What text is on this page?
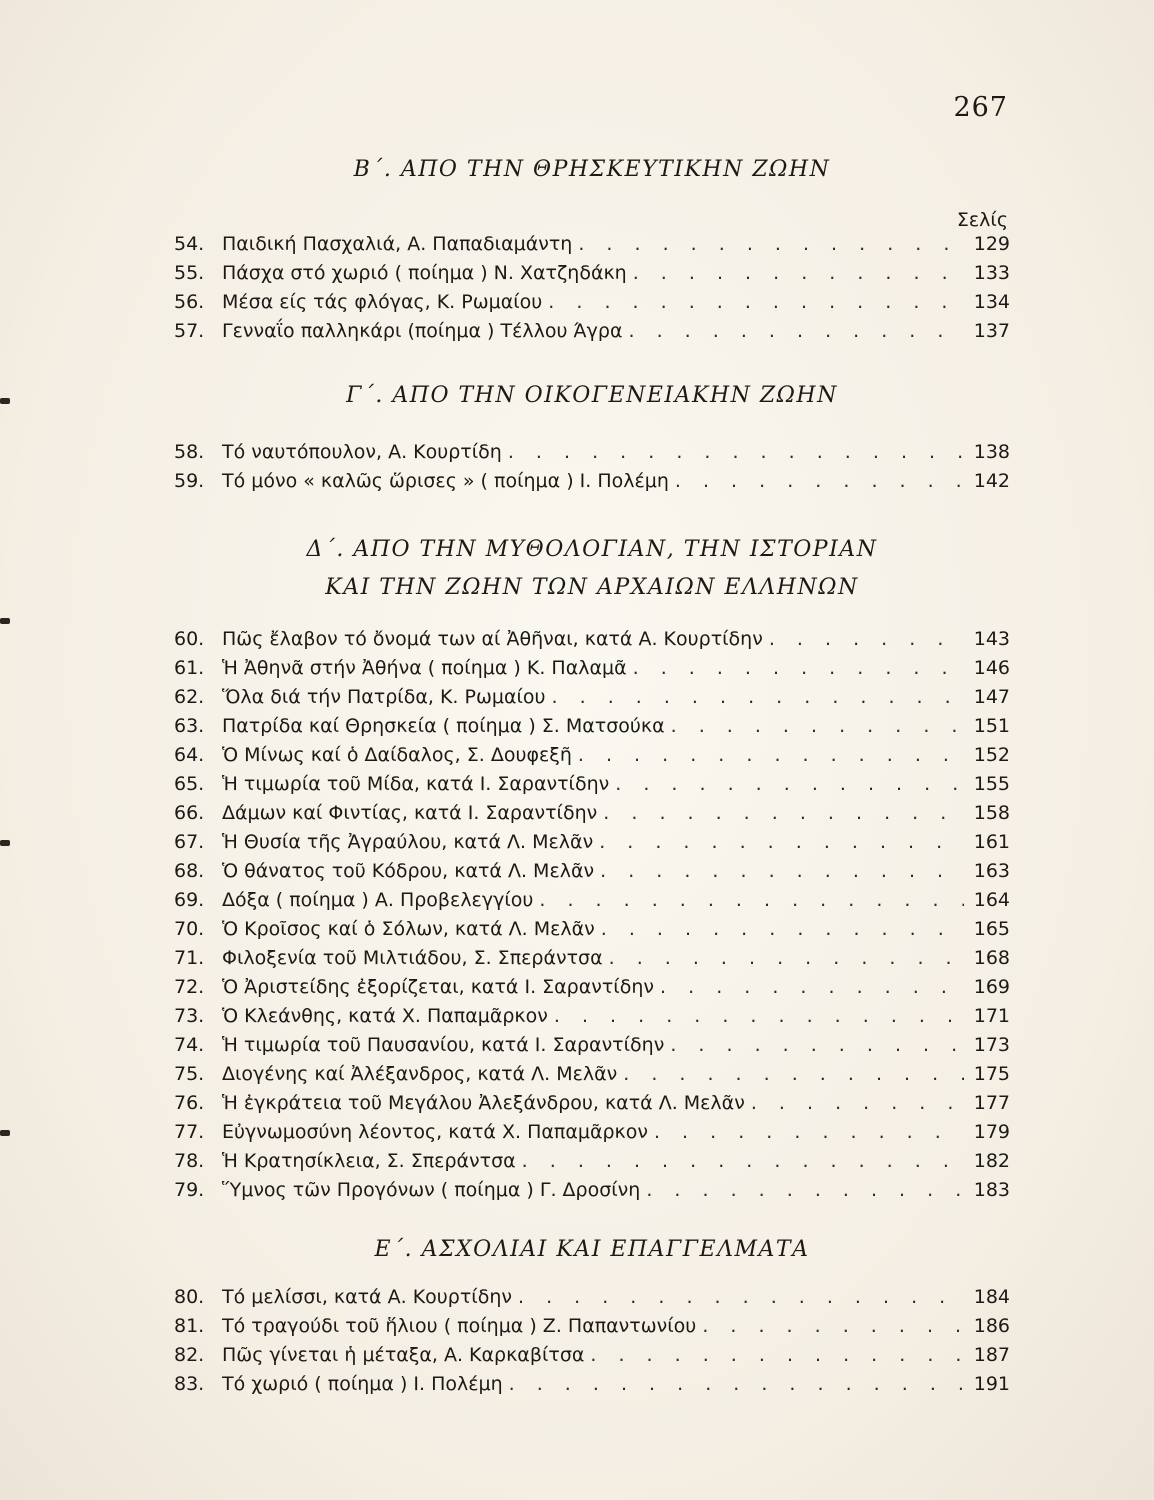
267
Β΄. ΑΠΟ ΤΗΝ ΘΡΗΣΚΕΥΤΙΚΗΝ ΖΩΗΝ
Σελίς
54. Παιδική Πασχαλιά, Α. Παπαδιαμάντη . . .	129
55. Πάσχα στό χωριό ( ποίημα ) Ν. Χατζηδάκη . . .	133
56. Μέσα είς τάς φλόγας, Κ. Ρωμαίου . . .	134
57. Γενναΐο παλληκάρι (ποίημα ) Τέλλου Άγρα . . .	137
Γ΄. ΑΠΟ ΤΗΝ ΟΙΚΟΓΕΝΕΙΑΚΗΝ ΖΩΗΝ
58. Τό ναυτόπουλον, Α. Κουρτίδη . . .	138
59. Τό μόνο « καλῶς ὥρισες » ( ποίημα ) Ι. Πολέμη . . .	142
Δ΄. ΑΠΟ ΤΗΝ ΜΥΘΟΛΟΓΙΑΝ, ΤΗΝ ΙΣΤΟΡΙΑΝ
ΚΑΙ ΤΗΝ ΖΩΗΝ ΤΩΝ ΑΡΧΑΙΩΝ ΕΛΛΗΝΩΝ
60. Πῶς ἔλαβον τό ὄνομά των αί Ἀθῆναι, κατά Α. Κουρτίδην . . .	143
61. Ἡ Ἀθηνᾶ στήν Ἀθήνα ( ποίημα ) Κ. Παλαμᾶ . . .	146
62. Ὅλα διά τήν Πατρίδα, Κ. Ρωμαίου . . .	147
63. Πατρίδα καί Θρησκεία ( ποίημα ) Σ. Ματσούκα . . .	151
64. Ὁ Μίνως καί ὁ Δαίδαλος, Σ. Δουφεξῆ . . .	152
65. Ἡ τιμωρία τοῦ Μίδα, κατά Ι. Σαραντίδην . . .	155
66. Δάμων καί Φιντίας, κατά Ι. Σαραντίδην . . .	158
67. Ἡ Θυσία τῆς Ἀγραύλου, κατά Λ. Μελᾶν . . .	161
68. Ὁ θάνατος τοῦ Κόδρου, κατά Λ. Μελᾶν . . .	163
69. Δόξα ( ποίημα ) Α. Προβελεγγίου . . .	164
70. Ὁ Κροῖσος καί ὁ Σόλων, κατά Λ. Μελᾶν . . .	165
71. Φιλοξενία τοῦ Μιλτιάδου, Σ. Σπεράντσα . . .	168
72. Ὁ Ἀριστείδης ἐξορίζεται, κατά Ι. Σαραντίδην . . .	169
73. Ὁ Κλεάνθης, κατά Χ. Παπαμᾶρκον . . .	171
74. Ἡ τιμωρία τοῦ Παυσανίου, κατά Ι. Σαραντίδην . . .	173
75. Διογένης καί Ἀλέξανδρος, κατά Λ. Μελᾶν . . .	175
76. Ἡ ἐγκράτεια τοῦ Μεγάλου Ἀλεξάνδρου, κατά Λ. Μελᾶν . . .	177
77. Εὐγνωμοσύνη λέοντος, κατά Χ. Παπαμᾶρκον . . .	179
78. Ἡ Κρατησίκλεια, Σ. Σπεράντσα . . .	182
79. Ὕμνος τῶν Προγόνων ( ποίημα ) Γ. Δροσίνη . . .	183
Ε΄. ΑΣΧΟΛΙΑΙ ΚΑΙ ΕΠΑΓΓΕΛΜΑΤΑ
80. Τό μελίσσι, κατά Α. Κουρτίδην . . .	184
81. Τό τραγούδι τοῦ ἥλιου ( ποίημα ) Ζ. Παπαντωνίου . . .	186
82. Πῶς γίνεται ἡ μέταξα, Α. Καρκαβίτσα . . .	187
83. Τό χωριό ( ποίημα ) Ι. Πολέμη . . .	191
